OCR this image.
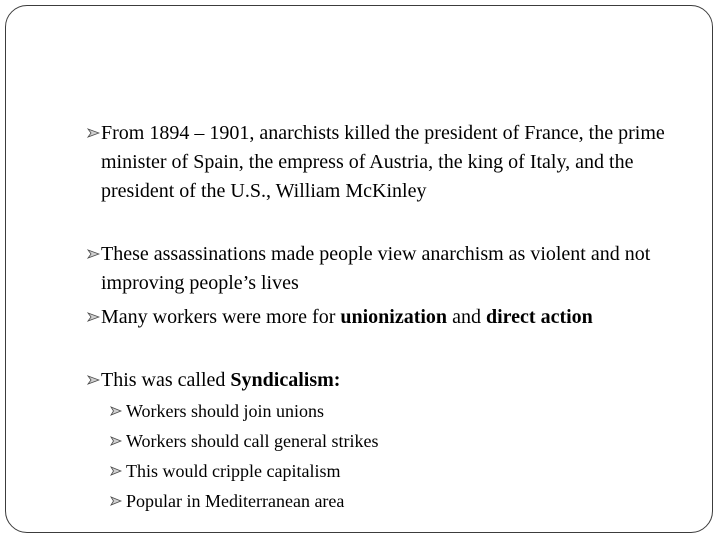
From 1894 – 1901, anarchists killed the president of France, the prime minister of Spain, the empress of Austria, the king of Italy, and the president of the U.S., William McKinley
These assassinations made people view anarchism as violent and not improving people’s lives
Many workers were more for unionization and direct action
This was called Syndicalism:
Workers should join unions
Workers should call general strikes
This would cripple capitalism
Popular in Mediterranean area
